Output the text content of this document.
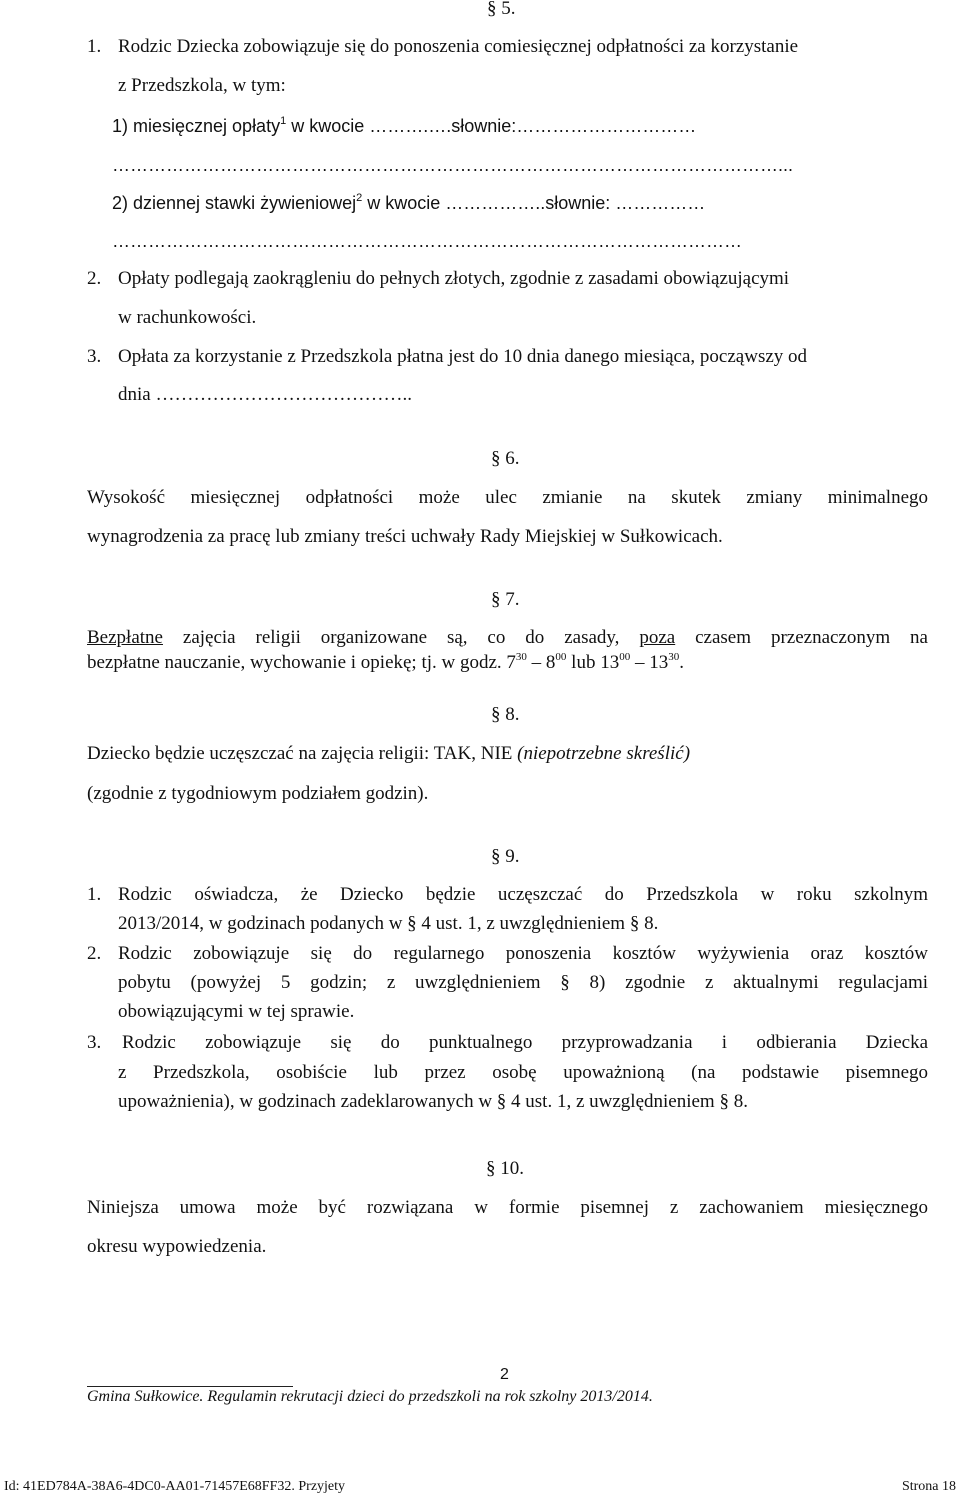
§ 5.
1. Rodzic Dziecka zobowiązuje się do ponoszenia comiesięcznej odpłatności za korzystanie
z Przedszkola, w tym:
1) miesięcznej opłaty$^1$ w kwocie ……….….słownie:…………………………
…………………………………………………………………………………………………...
2) dziennej stawki żywieniowej$^2$ w kwocie ……………..słownie: ……………
……………………………………………………………………………………………
2. Opłaty podlegają zaokrągleniu do pełnych złotych, zgodnie z zasadami obowiązującymi
w rachunkowości.
3. Opłata za korzystanie z Przedszkola płatna jest do 10 dnia danego miesiąca, począwszy od
dnia …………………………………..
§ 6.
Wysokość miesięcznej odpłatności może ulec zmianie na skutek zmiany minimalnego
wynagrodzenia za pracę lub zmiany treści uchwały Rady Miejskiej w Sułkowicach.
§ 7.
Bezpłatne zajęcia religii organizowane są, co do zasady, poza czasem przeznaczonym na
bezpłatne nauczanie, wychowanie i opiekę; tj. w godz. $7^{30} - 8^{00}$ lub $13^{00} - 13^{30}$.
§ 8.
Dziecko będzie uczęszczać na zajęcia religii: TAK, NIE (niepotrzebne skreślić)
(zgodnie z tygodniowym podziałem godzin).
§ 9.
1. Rodzic oświadcza, że Dziecko będzie uczęszczać do Przedszkola w roku szkolnym
2013/2014, w godzinach podanych w § 4 ust. 1, z uwzględnieniem § 8.
2. Rodzic zobowiązuje się do regularnego ponoszenia kosztów wyżywienia oraz kosztów
pobytu (powyżej 5 godzin; z uwzględnieniem § 8) zgodnie z aktualnymi regulacjami
obowiązującymi w tej sprawie.
3. Rodzic zobowiązuje się do punktualnego przyprowadzania i odbierania Dziecka
z Przedszkola, osobiście lub przez osobę upoważnioną (na podstawie pisemnego
upoważnienia), w godzinach zadeklarowanych w § 4 ust. 1, z uwzględnieniem § 8.
§ 10.
Niniejsza umowa może być rozwiązana w formie pisemnej z zachowaniem miesięcznego
okresu wypowiedzenia.
2
Gmina Sułkowice. Regulamin rekrutacji dzieci do przedszkoli na rok szkolny 2013/2014.
Id: 41ED784A-38A6-4DC0-AA01-71457E68FF32. Przyjety	Strona 18
